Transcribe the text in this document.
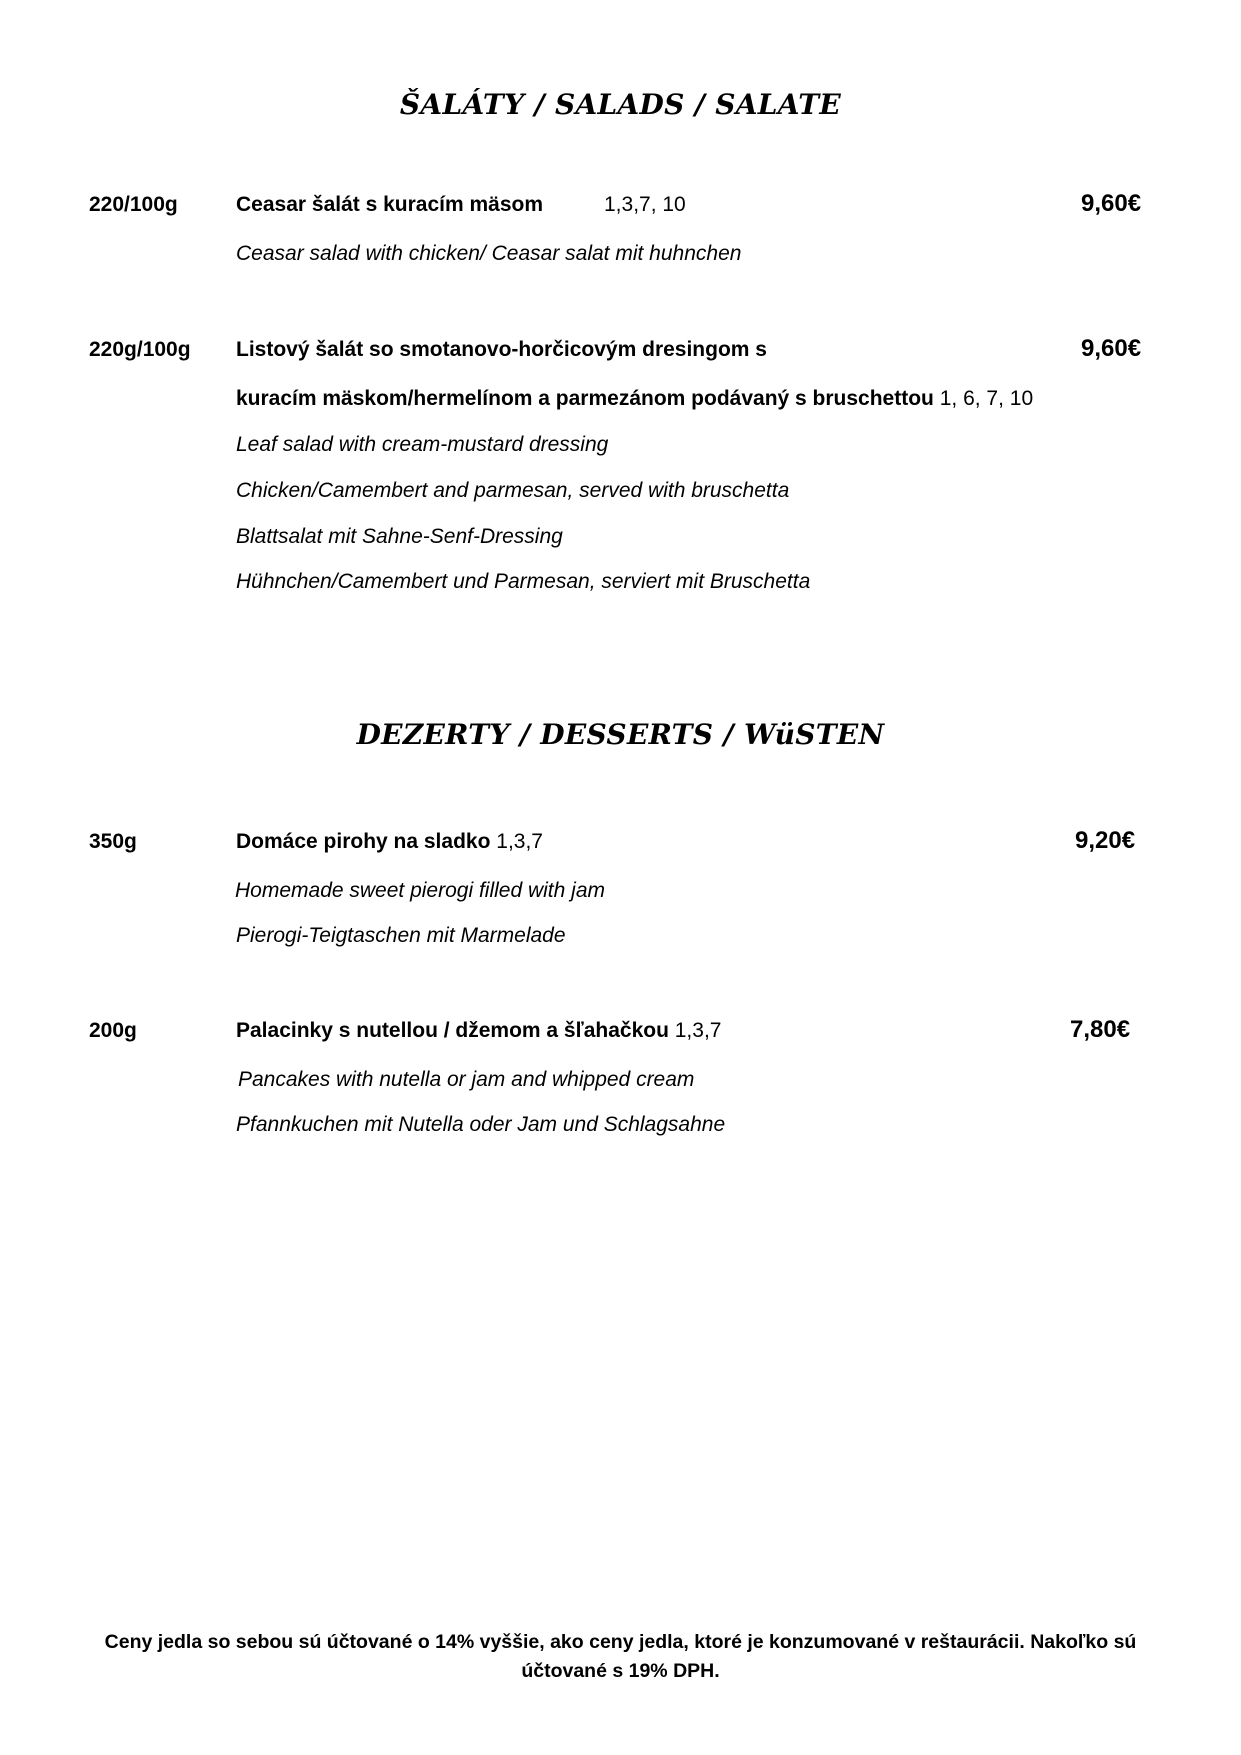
ŠALÁTY / SALADS / SALATE
220/100g	Ceasar šalát s kuracím mäsom	1,3,7, 10	9,60€
Ceasar salad with chicken/ Ceasar salat mit huhnchen
220g/100g Listový šalát so smotanovo-horčicovým dresingom s	9,60€
kuracím mäskom/hermelínom a parmezánom podávaný s bruschettou 1, 6, 7, 10
Leaf salad with cream-mustard dressing
Chicken/Camembert and parmesan, served with bruschetta
Blattsalat mit Sahne-Senf-Dressing
Hühnchen/Camembert und Parmesan, serviert mit Bruschetta
DEZERTY / DESSERTS / WüSTEN
350g	Domáce pirohy na sladko 1,3,7	9,20€
Homemade sweet pierogi filled with jam
Pierogi-Teigtaschen mit Marmelade
200g	Palacinky s nutellou / džemom a šľahačkou 1,3,7	7,80€
Pancakes with nutella or jam and whipped cream
Pfannkuchen mit Nutella oder Jam und Schlagsahne
Ceny jedla so sebou sú účtované o 14% vyššie, ako ceny jedla, ktoré je konzumované v reštaurácii. Nakoľko sú
účtované s 19% DPH.
